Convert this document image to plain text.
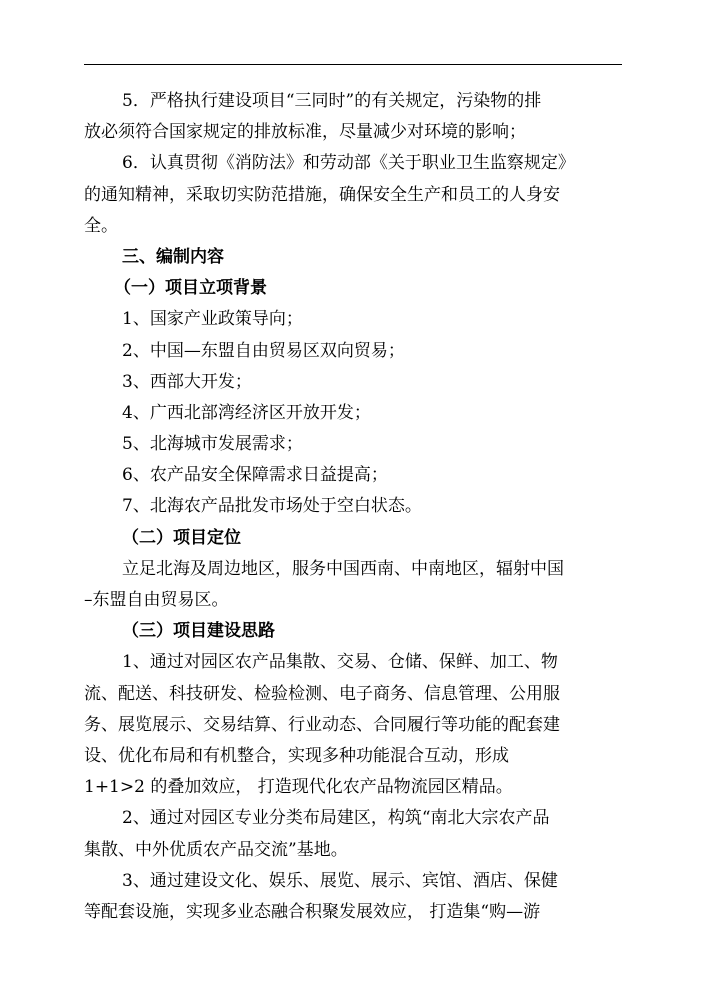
5．严格执行建设项目“三同时”的有关规定，污染物的排
放必须符合国家规定的排放标准，尽量减少对环境的影响；
6．认真贯彻《消防法》和劳动部《关于职业卫生监察规定》
的通知精神，采取切实防范措施，确保安全生产和员工的人身安
全。
三、编制内容
（一）项目立项背景
1、国家产业政策导向；
2、中国—东盟自由贸易区双向贸易；
3、西部大开发；
4、广西北部湾经济区开放开发；
5、北海城市发展需求；
6、农产品安全保障需求日益提高；
7、北海农产品批发市场处于空白状态。
（二）项目定位
立足北海及周边地区，服务中国西南、中南地区，辐射中国
–东盟自由贸易区。
（三）项目建设思路
1、通过对园区农产品集散、交易、仓储、保鲜、加工、物
流、配送、科技研发、检验检测、电子商务、信息管理、公用服
务、展览展示、交易结算、行业动态、合同履行等功能的配套建
设、优化布局和有机整合，实现多种功能混合互动，形成
1+1>2 的叠加效应， 打造现代化农产品物流园区精品。
2、通过对园区专业分类布局建区，构筑“南北大宗农产品
集散、中外优质农产品交流”基地。
3、通过建设文化、娱乐、展览、展示、宾馆、酒店、保健
等配套设施，实现多业态融合积聚发展效应， 打造集“购—游
